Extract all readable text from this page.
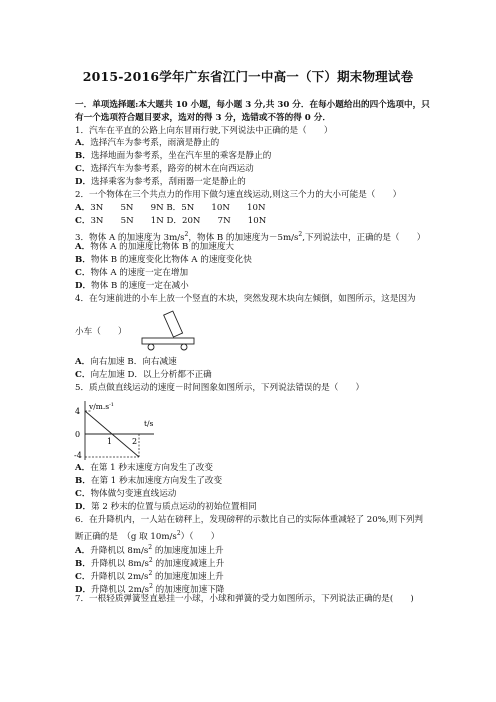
2015-2016学年广东省江门一中高一（下）期末物理试卷
一．单项选择题:本大题共 10 小题，每小题 3 分,共 30 分．在每小题给出的四个选项中，只
有一个选项符合题目要求，选对的得 3 分，选错或不答的得 0 分．
1．汽车在平直的公路上向东冒雨行驶,下列说法中正确的是（　　）
A．选择汽车为参考系，雨滴是静止的
B．选择地面为参考系，坐在汽车里的乘客是静止的
C．选择汽车为参考系，路旁的树木在向西运动
D．选择乘客为参考系，刮雨器一定是静止的
2．一个物体在三个共点力的作用下做匀速直线运动,则这三个力的大小可能是（　　）
A．3N　　5N　　9N B．5N　　10N　　10N
C．3N　　5N　　1N D．20N　　7N　　10N
3．物体 A 的加速度为 $3m/s^2$，物体 B 的加速度为$-5m/s^2$,下列说法中，正确的是（　　）
A．物体 A 的加速度比物体 B 的加速度大
B．物体 B 的速度变化比物体 A 的速度变化快
C．物体 A 的速度一定在增加
D．物体 B 的速度一定在减小
4．在匀速前进的小车上放一个竖直的木块，突然发现木块向左倾倒，如图所示，这是因为
小车（　　）
A．向右加速 B．向右减速
C．向左加速 D．以上分析都不正确
5．质点做直线运动的速度－时间图象如图所示，下列说法错误的是（　　）
4
0
-4
$v/m.s^{-1}$
t/s
1 2
A．在第 1 秒末速度方向发生了改变
B．在第 1 秒末加速度方向发生了改变
C．物体做匀变速直线运动
D．第 2 秒末的位置与质点运动的初始位置相同
6．在升降机内，一人站在磅秤上，发现磅秤的示数比自己的实际体重减轻了 20%,则下列判
断正确的是　（g 取 $10m/s^2$）（　　）
A．升降机以 $8m/s^2$ 的加速度加速上升
B．升降机以 $8m/s^2$ 的加速度减速上升
C．升降机以 $2m/s^2$ 的加速度加速上升
D．升降机以 $2m/s^2$ 的加速度加速下降
7．一根轻质弹簧竖直悬挂一小球，小球和弹簧的受力如图所示，下列说法正确的是(　　)
